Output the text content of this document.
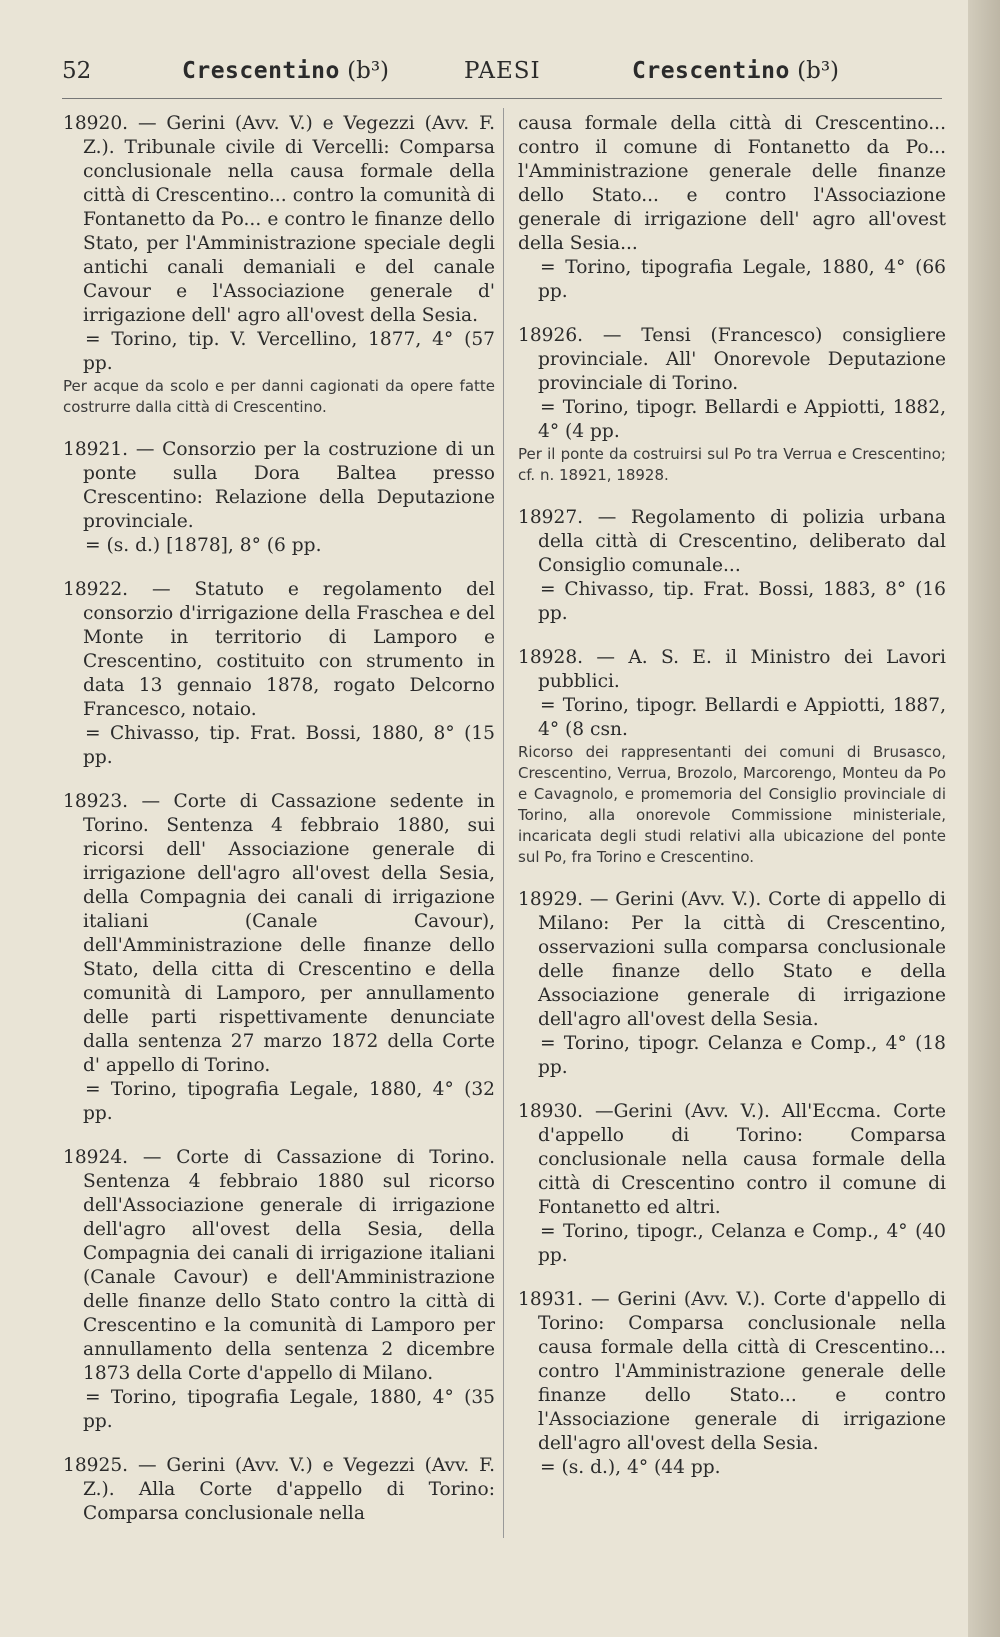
52	Crescentino (b³)	PAESI	Crescentino (b³)

18920. — Gerini (Avv. V.) e Vegezzi (Avv. F. Z.). Tribunale civile di Vercelli: Comparsa conclusionale nella causa formale della città di Crescentino... contro la comunità di Fontanetto da Po... e contro le finanze dello Stato, per l'Amministrazione speciale degli antichi canali demaniali e del canale Cavour e l'Associazione generale d' irrigazione dell' agro all'ovest della Sesia.

= Torino, tip. V. Vercellino, 1877, 4° (57 pp.

Per acque da scolo e per danni cagionati da opere fatte costrurre dalla città di Crescentino.

18921. — Consorzio per la costruzione di un ponte sulla Dora Baltea presso Crescentino: Relazione della Deputazione provinciale.

= (s. d.) [1878], 8° (6 pp.

18922. — Statuto e regolamento del consorzio d'irrigazione della Fraschea e del Monte in territorio di Lamporo e Crescentino, costituito con strumento in data 13 gennaio 1878, rogato Delcorno Francesco, notaio.

= Chivasso, tip. Frat. Bossi, 1880, 8° (15 pp.

18923. — Corte di Cassazione sedente in Torino. Sentenza 4 febbraio 1880, sui ricorsi dell' Associazione generale di irrigazione dell'agro all'ovest della Sesia, della Compagnia dei canali di irrigazione italiani (Canale Cavour), dell'Amministrazione delle finanze dello Stato, della citta di Crescentino e della comunità di Lamporo, per annullamento delle parti rispettivamente denunciate dalla sentenza 27 marzo 1872 della Corte d' appello di Torino.

= Torino, tipografia Legale, 1880, 4° (32 pp.

18924. — Corte di Cassazione di Torino. Sentenza 4 febbraio 1880 sul ricorso dell'Associazione generale di irrigazione dell'agro all'ovest della Sesia, della Compagnia dei canali di irrigazione italiani (Canale Cavour) e dell'Amministrazione delle finanze dello Stato contro la città di Crescentino e la comunità di Lamporo per annullamento della sentenza 2 dicembre 1873 della Corte d'appello di Milano.

= Torino, tipografia Legale, 1880, 4° (35 pp.

18925. — Gerini (Avv. V.) e Vegezzi (Avv. F. Z.). Alla Corte d'appello di Torino: Comparsa conclusionale nella

causa formale della città di Crescentino... contro il comune di Fontanetto da Po... l'Amministrazione generale delle finanze dello Stato... e contro l'Associazione generale di irrigazione dell' agro all'ovest della Sesia...

= Torino, tipografia Legale, 1880, 4° (66 pp.

18926. — Tensi (Francesco) consigliere provinciale. All' Onorevole Deputazione provinciale di Torino.

= Torino, tipogr. Bellardi e Appiotti, 1882, 4° (4 pp.

Per il ponte da costruirsi sul Po tra Verrua e Crescentino; cf. n. 18921, 18928.

18927. — Regolamento di polizia urbana della città di Crescentino, deliberato dal Consiglio comunale...

= Chivasso, tip. Frat. Bossi, 1883, 8° (16 pp.

18928. — A. S. E. il Ministro dei Lavori pubblici.

= Torino, tipogr. Bellardi e Appiotti, 1887, 4° (8 csn.

Ricorso dei rappresentanti dei comuni di Brusasco, Crescentino, Verrua, Brozolo, Marcorengo, Monteu da Po e Cavagnolo, e promemoria del Consiglio provinciale di Torino, alla onorevole Commissione ministeriale, incaricata degli studi relativi alla ubicazione del ponte sul Po, fra Torino e Crescentino.

18929. — Gerini (Avv. V.). Corte di appello di Milano: Per la città di Crescentino, osservazioni sulla comparsa conclusionale delle finanze dello Stato e della Associazione generale di irrigazione dell'agro all'ovest della Sesia.

= Torino, tipogr. Celanza e Comp., 4° (18 pp.

18930. —Gerini (Avv. V.). All'Eccma. Corte d'appello di Torino: Comparsa conclusionale nella causa formale della città di Crescentino contro il comune di Fontanetto ed altri.

= Torino, tipogr., Celanza e Comp., 4° (40 pp.

18931. — Gerini (Avv. V.). Corte d'appello di Torino: Comparsa conclusionale nella causa formale della città di Crescentino... contro l'Amministrazione generale delle finanze dello Stato... e contro l'Associazione generale di irrigazione dell'agro all'ovest della Sesia.

= (s. d.), 4° (44 pp.
